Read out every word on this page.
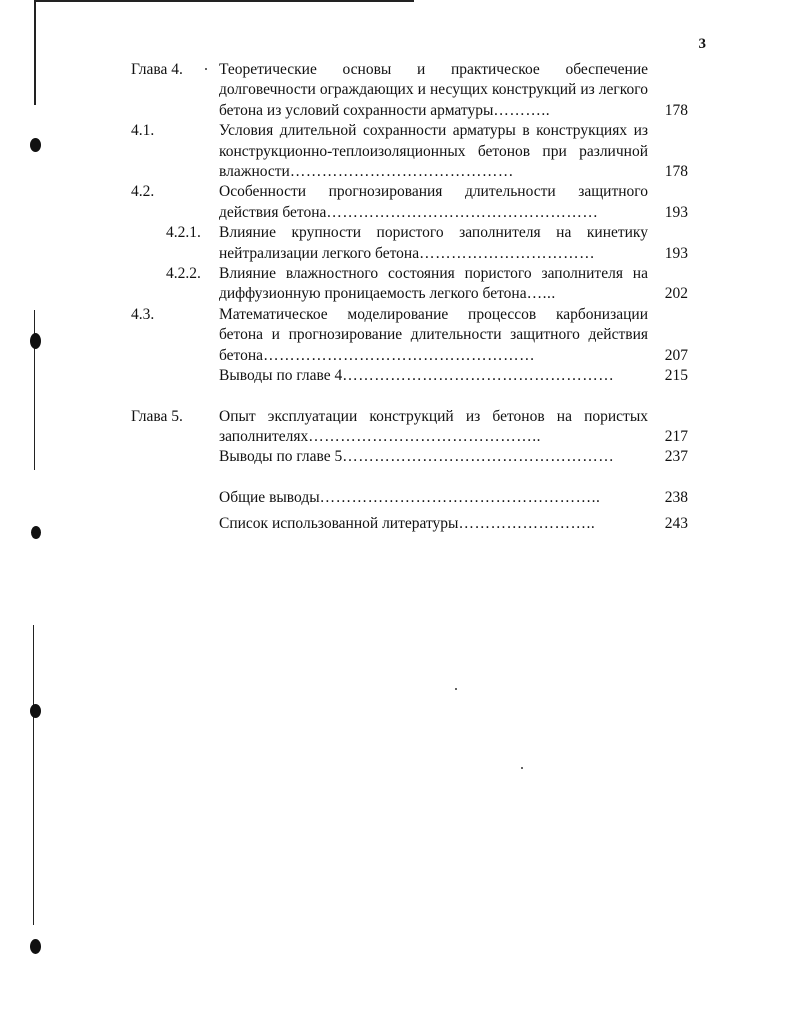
3
Глава 4. Теоретические основы и практическое обеспечение долговечности ограждающих и несущих конструкций из легкого бетона из условий сохранности арматуры………..	178
4.1.	Условия длительной сохранности арматуры в конструкциях из конструкционно-теплоизоляционных бетонов при различной влажности……………………………………	178
4.2.	Особенности прогнозирования длительности защитного действия бетона……………………………………………	193
4.2.1. Влияние крупности пористого заполнителя на кинетику нейтрализации легкого бетона……………………………	193
4.2.2. Влияние влажностного состояния пористого заполнителя на диффузионную проницаемость легкого бетона…...	202
4.3.	Математическое моделирование процессов карбонизации бетона и прогнозирование длительности защитного действия бетона……………………………………………	207
Выводы по главе 4……………………………………………	215
Глава 5. Опыт эксплуатации конструкций из бетонов на пористых заполнителях……………………………………..	217
Выводы по главе 5……………………………………………	237
Общие выводы……………………………………………..	238
Список использованной литературы……………………..	243
